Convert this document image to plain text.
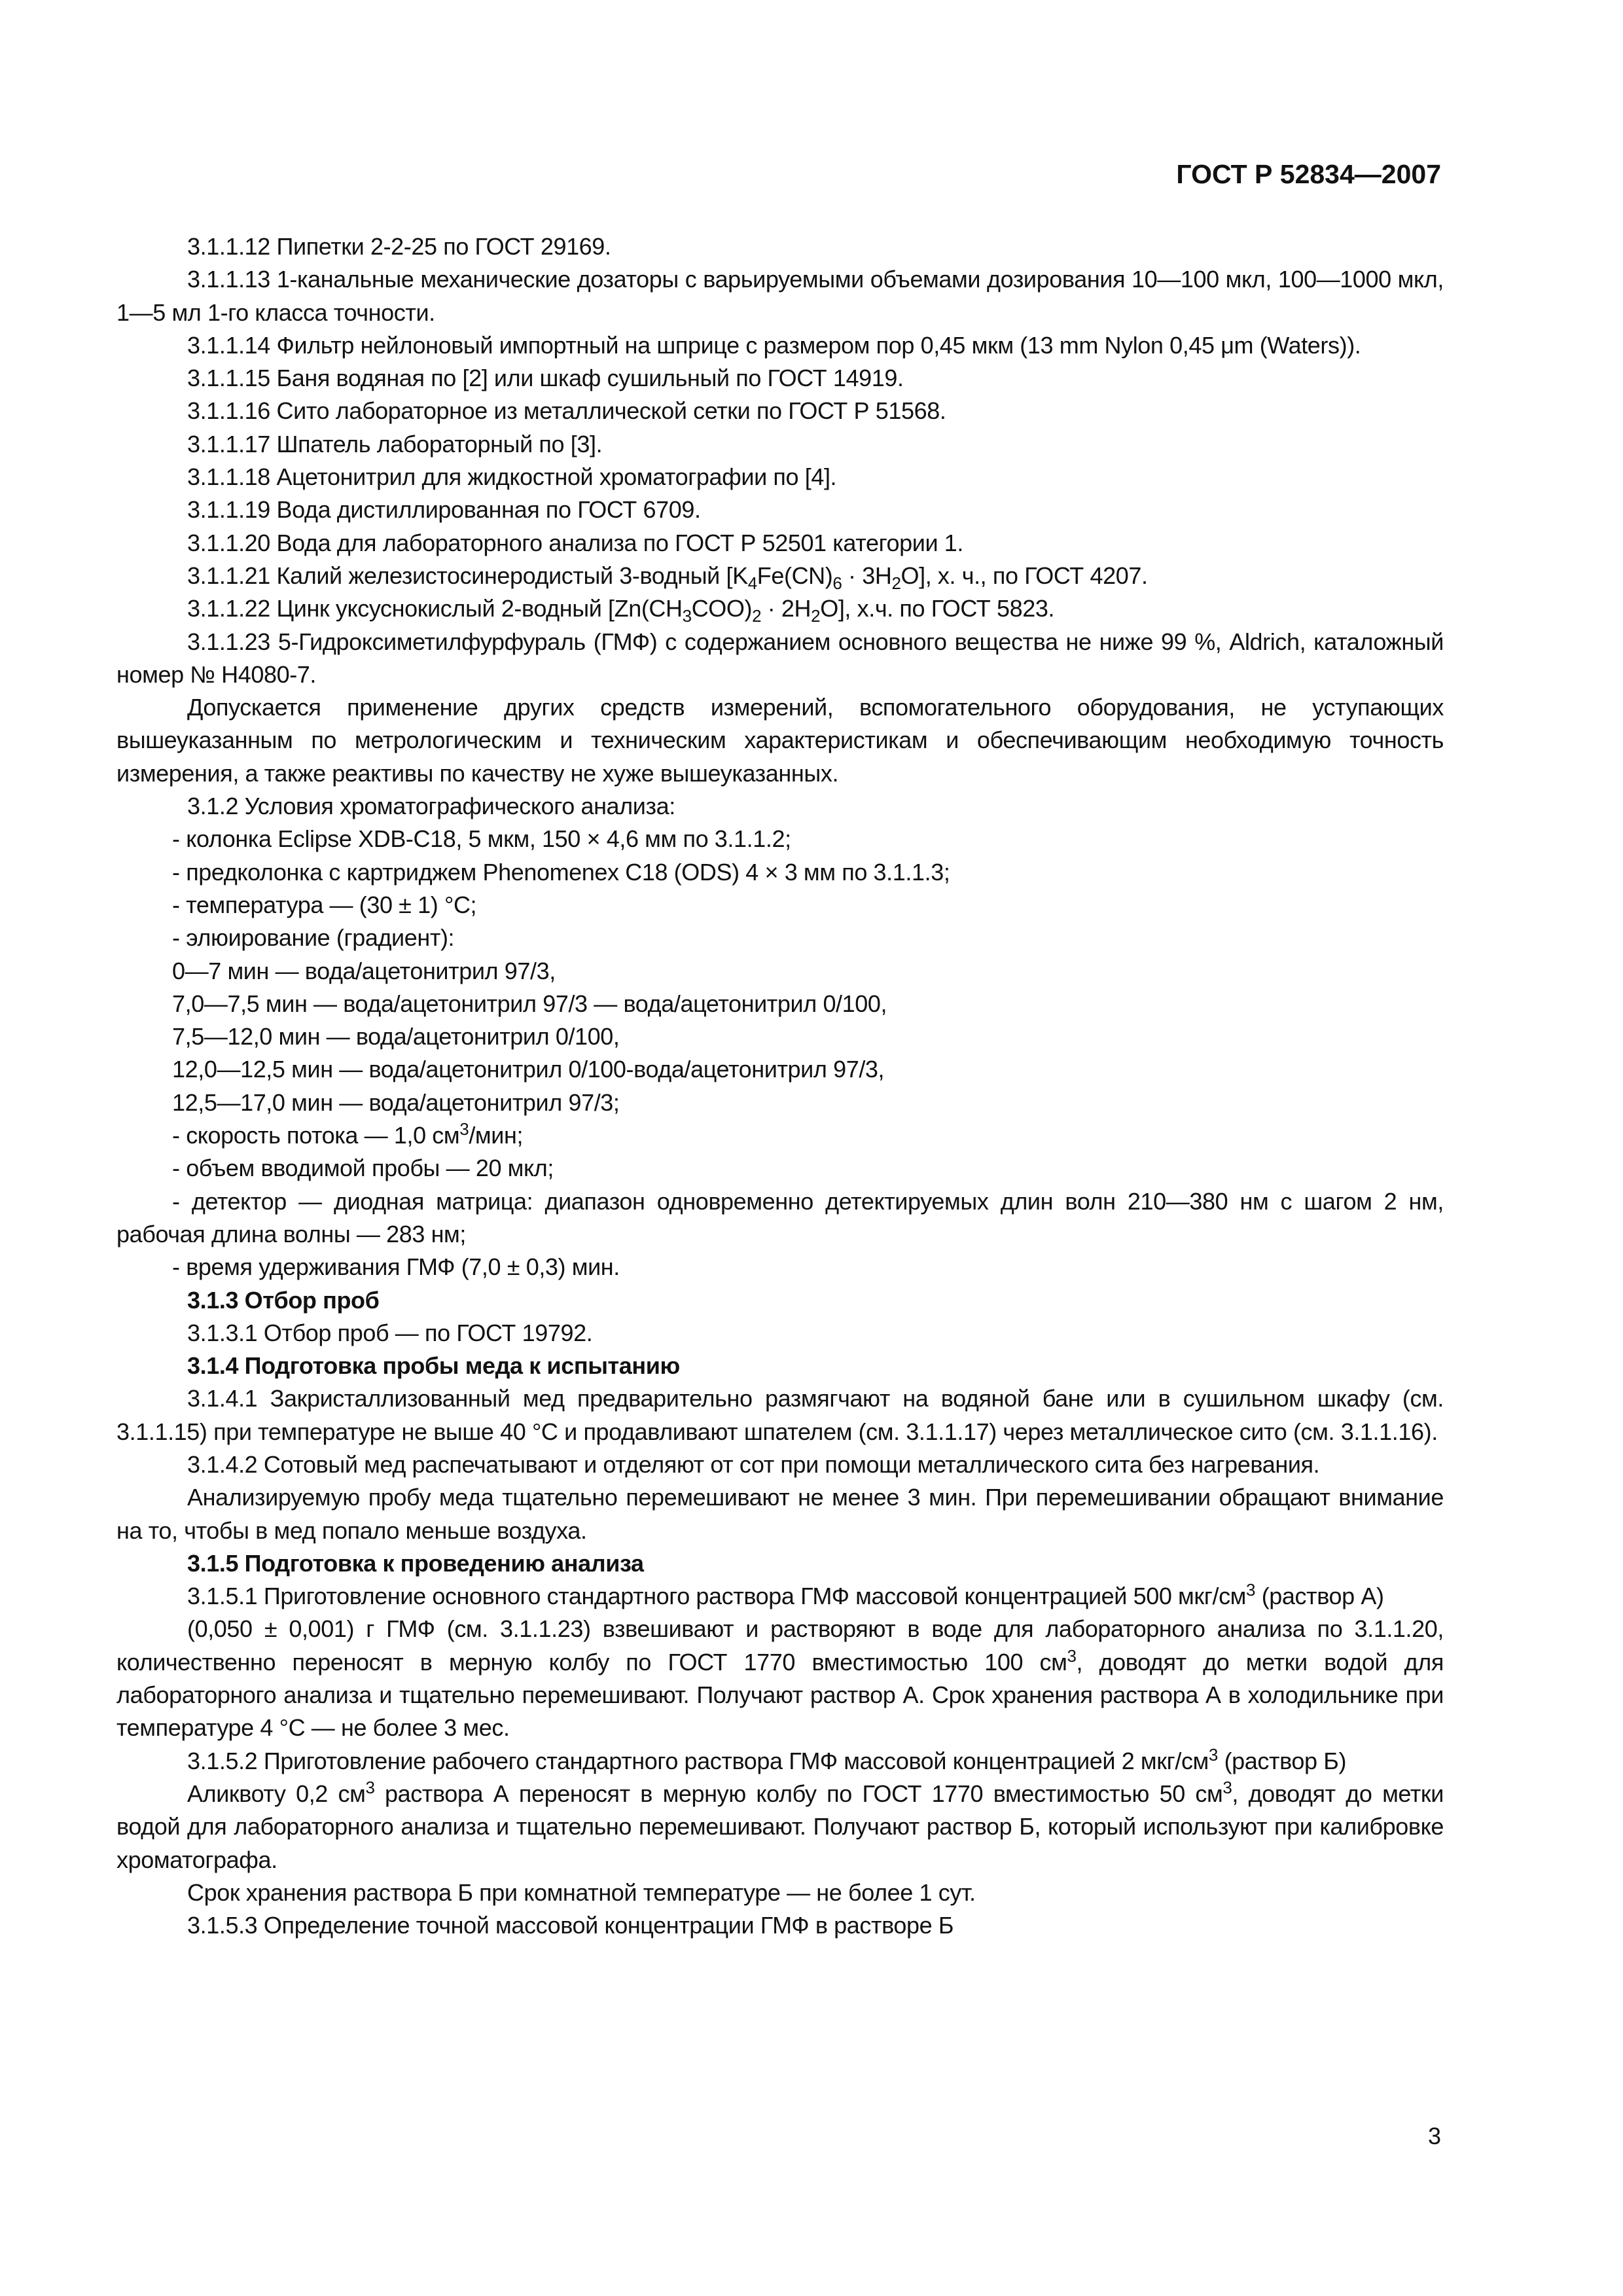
ГОСТ Р 52834—2007

3.1.1.12 Пипетки 2-2-25 по ГОСТ 29169.

3.1.1.13 1-канальные механические дозаторы с варьируемыми объемами дозирования 10—100 мкл, 100—1000 мкл, 1—5 мл 1-го класса точности.

3.1.1.14 Фильтр нейлоновый импортный на шприце с размером пор 0,45 мкм (13 mm Nylon 0,45 μm (Waters)).

3.1.1.15 Баня водяная по [2] или шкаф сушильный по ГОСТ 14919.

3.1.1.16 Сито лабораторное из металлической сетки по ГОСТ Р 51568.

3.1.1.17 Шпатель лабораторный по [3].

3.1.1.18 Ацетонитрил для жидкостной хроматографии по [4].

3.1.1.19 Вода дистиллированная по ГОСТ 6709.

3.1.1.20 Вода для лабораторного анализа по ГОСТ Р 52501 категории 1.

3.1.1.21 Калий железистосинеродистый 3-водный $[K_4Fe(CN)_6 \cdot 3H_2O]$, х. ч., по ГОСТ 4207.

3.1.1.22 Цинк уксуснокислый 2-водный $[Zn(CH_3COO)_2 \cdot 2H_2O]$, х.ч. по ГОСТ 5823.

3.1.1.23 5-Гидроксиметилфурфураль (ГМФ) с содержанием основного вещества не ниже 99 %, Aldrich, каталожный номер № H4080-7.

Допускается применение других средств измерений, вспомогательного оборудования, не уступающих вышеуказанным по метрологическим и техническим характеристикам и обеспечивающим необходимую точность измерения, а также реактивы по качеству не хуже вышеуказанных.

3.1.2 Условия хроматографического анализа:

- колонка Eclipse XDB-C18, 5 мкм, 150 × 4,6 мм по 3.1.1.2;

- предколонка с картриджем Phenomenex C18 (ODS) 4 × 3 мм по 3.1.1.3;

- температура — (30 ± 1) °C;

- элюирование (градиент):

0—7 мин — вода/ацетонитрил 97/3,

7,0—7,5 мин — вода/ацетонитрил 97/3 — вода/ацетонитрил 0/100,

7,5—12,0 мин — вода/ацетонитрил 0/100,

12,0—12,5 мин — вода/ацетонитрил 0/100-вода/ацетонитрил 97/3,

12,5—17,0 мин — вода/ацетонитрил 97/3;

- скорость потока — 1,0 $см^3$/мин;

- объем вводимой пробы — 20 мкл;

- детектор — диодная матрица: диапазон одновременно детектируемых длин волн 210—380 нм с шагом 2 нм, рабочая длина волны — 283 нм;

- время удерживания ГМФ (7,0 ± 0,3) мин.

3.1.3 Отбор проб

3.1.3.1 Отбор проб — по ГОСТ 19792.

3.1.4 Подготовка пробы меда к испытанию

3.1.4.1 Закристаллизованный мед предварительно размягчают на водяной бане или в сушильном шкафу (см. 3.1.1.15) при температуре не выше 40 °C и продавливают шпателем (см. 3.1.1.17) через металлическое сито (см. 3.1.1.16).

3.1.4.2 Сотовый мед распечатывают и отделяют от сот при помощи металлического сита без нагревания.

Анализируемую пробу меда тщательно перемешивают не менее 3 мин. При перемешивании обращают внимание на то, чтобы в мед попало меньше воздуха.

3.1.5 Подготовка к проведению анализа

3.1.5.1 Приготовление основного стандартного раствора ГМФ массовой концентрацией 500 мкг/$см^3$ (раствор А)

(0,050 ± 0,001) г ГМФ (см. 3.1.1.23) взвешивают и растворяют в воде для лабораторного анализа по 3.1.1.20, количественно переносят в мерную колбу по ГОСТ 1770 вместимостью 100 $см^3$, доводят до метки водой для лабораторного анализа и тщательно перемешивают. Получают раствор А. Срок хранения раствора А в холодильнике при температуре 4 °C — не более 3 мес.

3.1.5.2 Приготовление рабочего стандартного раствора ГМФ массовой концентрацией 2 мкг/$см^3$ (раствор Б)

Аликвоту 0,2 $см^3$ раствора А переносят в мерную колбу по ГОСТ 1770 вместимостью 50 $см^3$, доводят до метки водой для лабораторного анализа и тщательно перемешивают. Получают раствор Б, который используют при калибровке хроматографа.

Срок хранения раствора Б при комнатной температуре — не более 1 сут.

3.1.5.3 Определение точной массовой концентрации ГМФ в растворе Б

3
